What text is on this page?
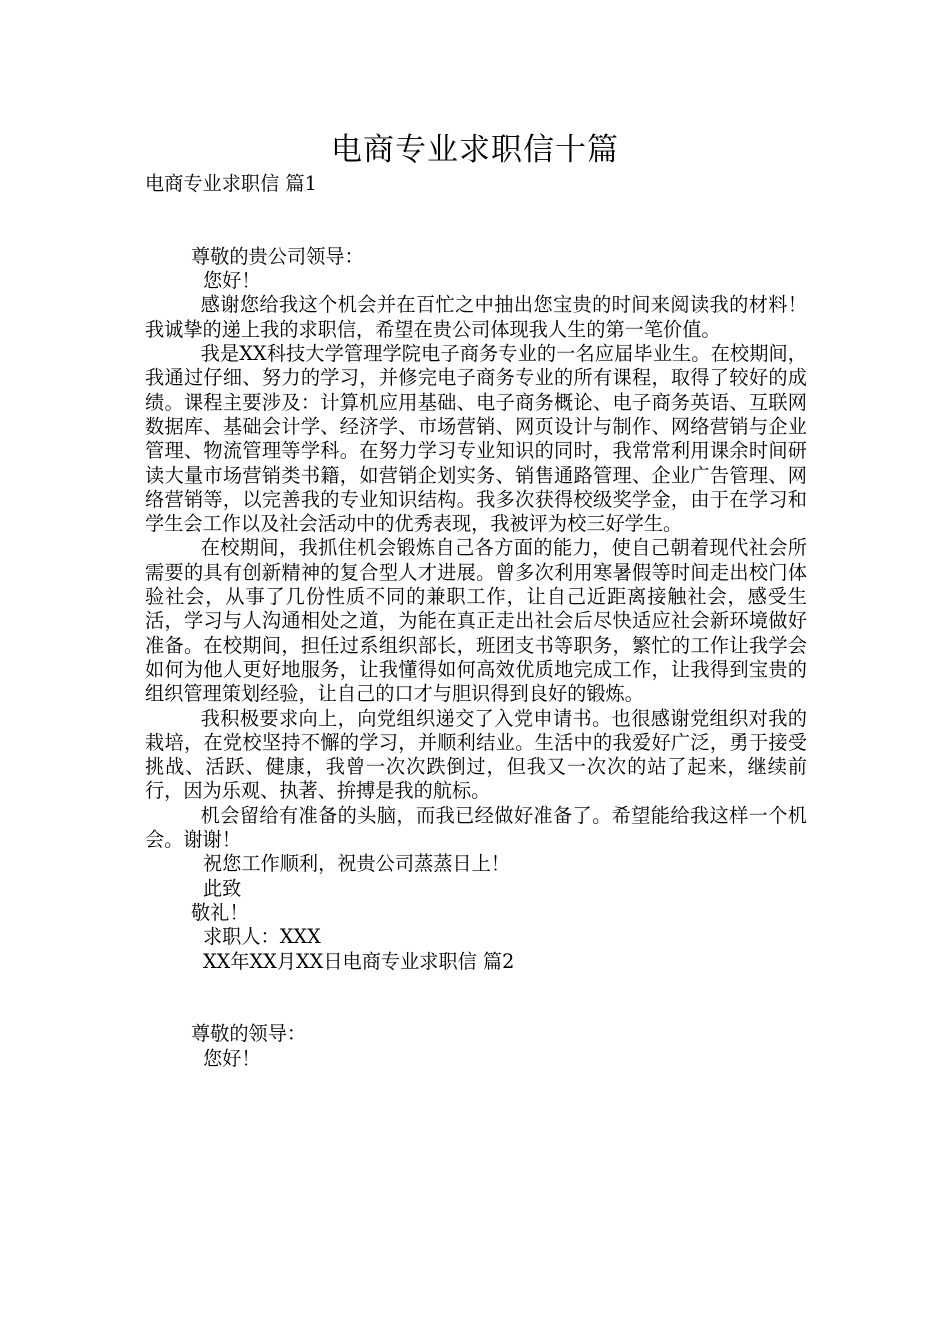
电商专业求职信十篇

电商专业求职信 篇1

尊敬的贵公司领导：

您好！

感谢您给我这个机会并在百忙之中抽出您宝贵的时间来阅读我的材料！我诚挚的递上我的求职信，希望在贵公司体现我人生的第一笔价值。

我是XX科技大学管理学院电子商务专业的一名应届毕业生。在校期间，我通过仔细、努力的学习，并修完电子商务专业的所有课程，取得了较好的成绩。课程主要涉及：计算机应用基础、电子商务概论、电子商务英语、互联网数据库、基础会计学、经济学、市场营销、网页设计与制作、网络营销与企业管理、物流管理等学科。在努力学习专业知识的同时，我常常利用课余时间研读大量市场营销类书籍，如营销企划实务、销售通路管理、企业广告管理、网络营销等，以完善我的专业知识结构。我多次获得校级奖学金，由于在学习和学生会工作以及社会活动中的优秀表现，我被评为校三好学生。

在校期间，我抓住机会锻炼自己各方面的能力，使自己朝着现代社会所需要的具有创新精神的复合型人才进展。曾多次利用寒暑假等时间走出校门体验社会，从事了几份性质不同的兼职工作，让自己近距离接触社会，感受生活，学习与人沟通相处之道，为能在真正走出社会后尽快适应社会新环境做好准备。在校期间，担任过系组织部长，班团支书等职务，繁忙的工作让我学会如何为他人更好地服务，让我懂得如何高效优质地完成工作，让我得到宝贵的组织管理策划经验，让自己的口才与胆识得到良好的锻炼。

我积极要求向上，向党组织递交了入党申请书。也很感谢党组织对我的栽培，在党校坚持不懈的学习，并顺利结业。生活中的我爱好广泛，勇于接受挑战、活跃、健康，我曾一次次跌倒过，但我又一次次的站了起来，继续前行，因为乐观、执著、拚搏是我的航标。

机会留给有准备的头脑，而我已经做好准备了。希望能给我这样一个机会。谢谢！

祝您工作顺利，祝贵公司蒸蒸日上！

此致

敬礼！

求职人：XXX

XX年XX月XX日电商专业求职信 篇2

尊敬的领导：

您好！
